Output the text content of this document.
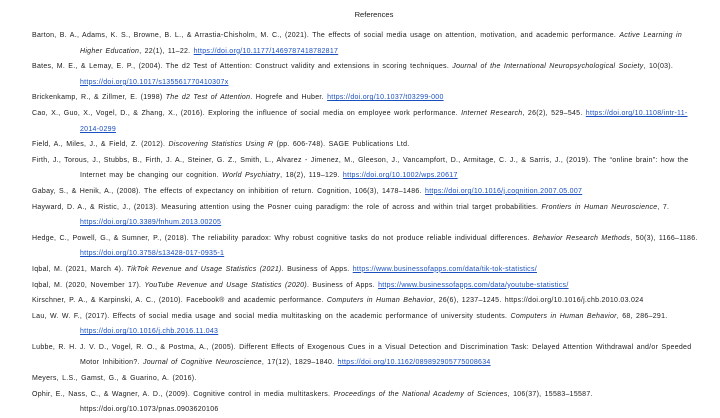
References
Barton, B. A., Adams, K. S., Browne, B. L., & Arrastia-Chisholm, M. C., (2021). The effects of social media usage on attention, motivation, and academic performance. Active Learning in Higher Education, 22(1), 11–22. https://doi.org/10.1177/1469787418782817
Bates, M. E., & Lemay, E. P., (2004). The d2 Test of Attention: Construct validity and extensions in scoring techniques. Journal of the International Neuropsychological Society, 10(03). https://doi.org/10.1017/s135561770410307x
Brickenkamp, R., & Zillmer, E. (1998) The d2 Test of Attention. Hogrefe and Huber. https://doi.org/10.1037/t03299-000
Cao, X., Guo, X., Vogel, D., & Zhang, X., (2016). Exploring the influence of social media on employee work performance. Internet Research, 26(2), 529–545. https://doi.org/10.1108/intr-11-2014-0299
Field, A., Miles, J., & Field, Z. (2012). Discovering Statistics Using R (pp. 606-748). SAGE Publications Ltd.
Firth, J., Torous, J., Stubbs, B., Firth, J. A., Steiner, G. Z., Smith, L., Alvarez - Jimenez, M., Gleeson, J., Vancampfort, D., Armitage, C. J., & Sarris, J., (2019). The “online brain”: how the Internet may be changing our cognition. World Psychiatry, 18(2), 119–129. https://doi.org/10.1002/wps.20617
Gabay, S., & Henik, A., (2008). The effects of expectancy on inhibition of return. Cognition, 106(3), 1478–1486. https://doi.org/10.1016/j.cognition.2007.05.007
Hayward, D. A., & Ristic, J., (2013). Measuring attention using the Posner cuing paradigm: the role of across and within trial target probabilities. Frontiers in Human Neuroscience, 7. https://doi.org/10.3389/fnhum.2013.00205
Hedge, C., Powell, G., & Sumner, P., (2018). The reliability paradox: Why robust cognitive tasks do not produce reliable individual differences. Behavior Research Methods, 50(3), 1166–1186. https://doi.org/10.3758/s13428-017-0935-1
Iqbal, M. (2021, March 4). TikTok Revenue and Usage Statistics (2021). Business of Apps. https://www.businessofapps.com/data/tik-tok-statistics/
Iqbal, M. (2020, November 17). YouTube Revenue and Usage Statistics (2020). Business of Apps. https://www.businessofapps.com/data/youtube-statistics/
Kirschner, P. A., & Karpinski, A. C., (2010). Facebook® and academic performance. Computers in Human Behavior, 26(6), 1237–1245. https://doi.org/10.1016/j.chb.2010.03.024
Lau, W. W. F., (2017). Effects of social media usage and social media multitasking on the academic performance of university students. Computers in Human Behavior, 68, 286–291. https://doi.org/10.1016/j.chb.2016.11.043
Lubbe, R. H. J. V. D., Vogel, R. O., & Postma, A., (2005). Different Effects of Exogenous Cues in a Visual Detection and Discrimination Task: Delayed Attention Withdrawal and/or Speeded Motor Inhibition?. Journal of Cognitive Neuroscience, 17(12), 1829–1840. https://doi.org/10.1162/089892905775008634
Meyers, L.S., Gamst, G., & Guarino, A. (2016).
Ophir, E., Nass, C., & Wagner, A. D., (2009). Cognitive control in media multitaskers. Proceedings of the National Academy of Sciences, 106(37), 15583–15587. https://doi.org/10.1073/pnas.0903620106
